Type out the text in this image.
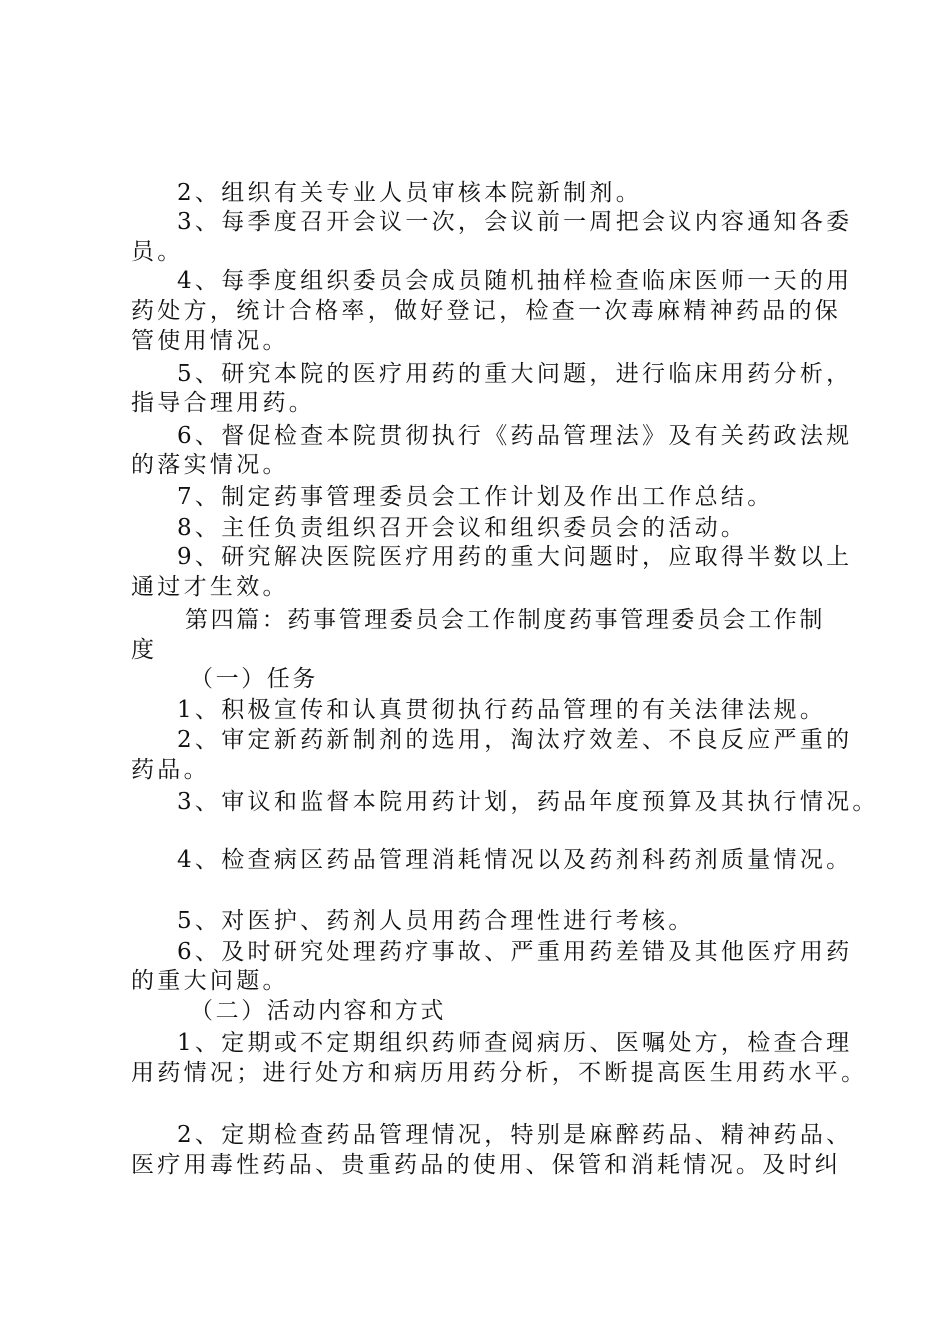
2、组织有关专业人员审核本院新制剂。
3、每季度召开会议一次，会议前一周把会议内容通知各委
员。
4、每季度组织委员会成员随机抽样检查临床医师一天的用
药处方，统计合格率，做好登记，检查一次毒麻精神药品的保
管使用情况。
5、研究本院的医疗用药的重大问题，进行临床用药分析，
指导合理用药。
6、督促检查本院贯彻执行《药品管理法》及有关药政法规
的落实情况。
7、制定药事管理委员会工作计划及作出工作总结。
8、主任负责组织召开会议和组织委员会的活动。
9、研究解决医院医疗用药的重大问题时，应取得半数以上
通过才生效。
第四篇：药事管理委员会工作制度药事管理委员会工作制
度
（一）任务
1、积极宣传和认真贯彻执行药品管理的有关法律法规。
2、审定新药新制剂的选用，淘汰疗效差、不良反应严重的
药品。
3、审议和监督本院用药计划，药品年度预算及其执行情况。
4、检查病区药品管理消耗情况以及药剂科药剂质量情况。
5、对医护、药剂人员用药合理性进行考核。
6、及时研究处理药疗事故、严重用药差错及其他医疗用药
的重大问题。
（二）活动内容和方式
1、定期或不定期组织药师查阅病历、医嘱处方，检查合理
用药情况；进行处方和病历用药分析，不断提高医生用药水平。
2、定期检查药品管理情况，特别是麻醉药品、精神药品、
医疗用毒性药品、贵重药品的使用、保管和消耗情况。及时纠
